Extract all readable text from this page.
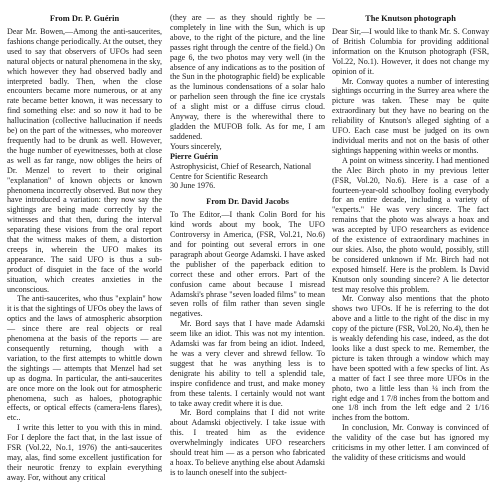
From Dr. P. Guérin

Dear Mr. Bowen,—Among the anti-saucerites, fashions change periodically. At the outset, they used to say that observers of UFOs had seen natural objects or natural phenomena in the sky, which however they had observed badly and interpreted badly. Then, when the close encounters became more numerous, or at any rate became better known, it was necessary to find something else: and so now it had to be hallucination (collective hallucination if needs be) on the part of the witnesses, who moreover frequently had to be drunk as well. However, the huge number of eyewitnesses, both at close as well as far range, now obliges the heirs of Dr. Menzel to revert to their original "explanation" of known objects or known phenomena incorrectly observed. But now they have introduced a variation: they now say the sightings are being made correctly by the witnesses and that then, during the interval separating these visions from the oral report that the witness makes of them, a distortion creeps in, wherein the UFO makes its appearance. The said UFO is thus a sub-product of disquiet in the face of the world situation, which creates anxieties in the unconscious.

The anti-saucerites, who thus "explain" how it is that the sightings of UFOs obey the laws of optics and the laws of atmospheric absorption — since there are real objects or real phenomena at the basis of the reports — are consequently returning, though with a variation, to the first attempts to whittle down the sightings — attempts that Menzel had set up as dogma. In particular, the anti-saucerites are once more on the look out for atmospheric phenomena, such as haloes, photographic effects, or optical effects (camera-lens flares), etc..

I write this letter to you with this in mind. For I deplore the fact that, in the last issue of FSR (Vol.22, No.1, 1976) the anti-saucerites may, alas, find some excellent justification for their neurotic frenzy to explain everything away. For, without any critical

(they are — as they should rightly be — completely in line with the Sun, which is up above, to the right of the picture, and the line passes right through the centre of the field.) On page 6, the two photos may very well (in the absence of any indications as to the position of the Sun in the photographic field) be explicable as the luminous condensations of a solar halo or parhelion seen through the fine ice crystals of a slight mist or a diffuse cirrus cloud. Anyway, there is the wherewithal there to gladden the MUFOB folk. As for me, I am saddened.

Yours sincerely,

Pierre Guérin

Astrophysicist, Chief of Research, National Centre for Scientific Research

30 June 1976.

From Dr. David Jacobs

To The Editor,—I thank Colin Bord for his kind words about my book, The UFO Controversy in America, (FSR, Vol.21, No.6) and for pointing out several errors in one paragraph about George Adamski. I have asked the publisher of the paperback edition to correct these and other errors. Part of the confusion came about because I misread Adamski's phrase "seven loaded films" to mean seven rolls of film rather than seven single negatives.

Mr. Bord says that I have made Adamski seem like an idiot. This was not my intention. Adamski was far from being an idiot. Indeed, he was a very clever and shrewd fellow. To suggest that he was anything less is to denigrate his ability to tell a splendid tale, inspire confidence and trust, and make money from these talents. I certainly would not want to take away credit where it is due.

Mr. Bord complains that I did not write about Adamski objectively. I take issue with this. I treated him as the evidence overwhelmingly indicates UFO researchers should treat him — as a person who fabricated a hoax. To believe anything else about Adamski is to launch oneself into the subject-

The Knutson photograph

Dear Sir,—I would like to thank Mr. S. Conway of British Columbia for providing additional information on the Knutson photograph (FSR, Vol.22, No.1). However, it does not change my opinion of it.

Mr. Conway quotes a number of interesting sightings occurring in the Surrey area where the picture was taken. These may be quite extraordinary but they have no bearing on the reliability of Knutson's alleged sighting of a UFO. Each case must be judged on its own individual merits and not on the basis of other sightings happening within weeks or months.

A point on witness sincerity. I had mentioned the Alec Birch photo in my previous letter (FSR, Vol.20, No.6). Here is a case of a fourteen-year-old schoolboy fooling everybody for an entire decade, including a variety of "experts." He was very sincere. The fact remains that the photo was always a hoax and was accepted by UFO researchers as evidence of the existence of extraordinary machines in our skies. Also, the photo would, possibly, still be considered unknown if Mr. Birch had not exposed himself. Here is the problem. Is David Knutson only sounding sincere? A lie detector test may resolve this problem.

Mr. Conway also mentions that the photo shows two UFOs. If he is referring to the dot above and a little to the right of the disc in my copy of the picture (FSR, Vol.20, No.4), then he is weakly defending his case, indeed, as the dot looks like a dust speck to me. Remember, the picture is taken through a window which may have been spotted with a few specks of lint. As a matter of fact I see three more UFOs in the photo, two a little less than ¼ inch from the right edge and 1 7/8 inches from the bottom and one 1/8 inch from the left edge and 2 1/16 inches from the bottom.

In conclusion, Mr. Conway is convinced of the validity of the case but has ignored my criticisms in my other letter. I am convinced of the validity of these criticisms and would
